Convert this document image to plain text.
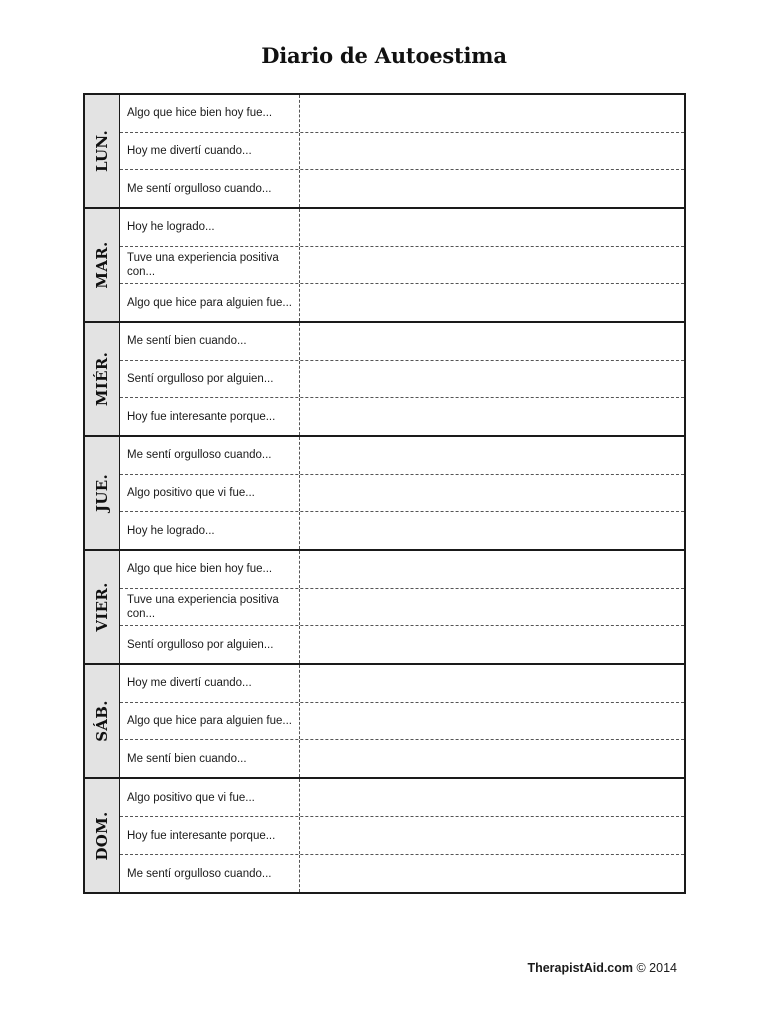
Diario de Autoestima
LUN.
Algo que hice bien hoy fue...
Hoy me divertí cuando...
Me sentí orgulloso cuando...
MAR.
Hoy he logrado...
Tuve una experiencia positiva con...
Algo que hice para alguien fue...
MIÉR.
Me sentí bien cuando...
Sentí orgulloso por alguien...
Hoy fue interesante porque...
JUE.
Me sentí orgulloso cuando...
Algo positivo que vi fue...
Hoy he logrado...
VIER.
Algo que hice bien hoy fue...
Tuve una experiencia positiva con...
Sentí orgulloso por alguien...
SÁB.
Hoy me divertí cuando...
Algo que hice para alguien fue...
Me sentí bien cuando...
DOM.
Algo positivo que vi fue...
Hoy fue interesante porque...
Me sentí orgulloso cuando...
TherapistAid.com © 2014
